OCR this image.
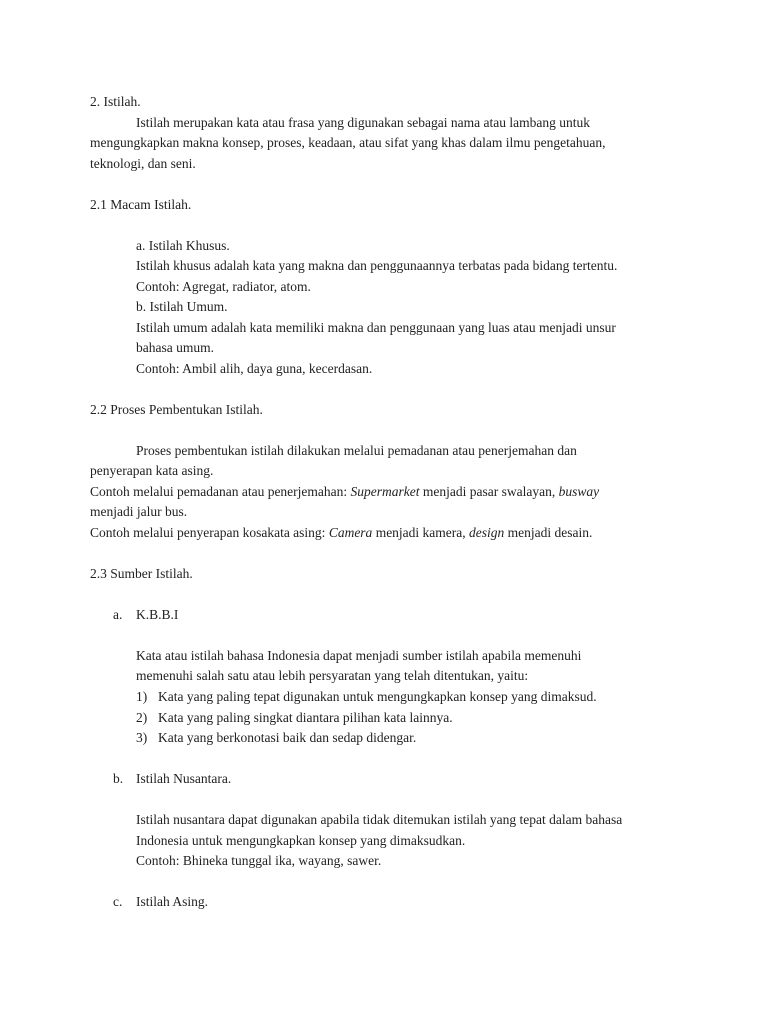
2. Istilah.
Istilah merupakan kata atau frasa yang digunakan sebagai nama atau lambang untuk
mengungkapkan makna konsep, proses, keadaan, atau sifat yang khas dalam ilmu pengetahuan,
teknologi, dan seni.
2.1 Macam Istilah.
a. Istilah Khusus.
Istilah khusus adalah kata yang makna dan penggunaannya terbatas pada bidang tertentu.
Contoh: Agregat, radiator, atom.
b. Istilah Umum.
Istilah umum adalah kata memiliki makna dan penggunaan yang luas atau menjadi unsur
bahasa umum.
Contoh: Ambil alih, daya guna, kecerdasan.
2.2 Proses Pembentukan Istilah.
Proses pembentukan istilah dilakukan melalui pemadanan atau penerjemahan dan
penyerapan kata asing.
Contoh melalui pemadanan atau penerjemahan: Supermarket menjadi pasar swalayan, busway
menjadi jalur bus.
Contoh melalui penyerapan kosakata asing: Camera menjadi kamera, design menjadi desain.
2.3 Sumber Istilah.
a. K.B.B.I
Kata atau istilah bahasa Indonesia dapat menjadi sumber istilah apabila memenuhi
memenuhi salah satu atau lebih persyaratan yang telah ditentukan, yaitu:
1) Kata yang paling tepat digunakan untuk mengungkapkan konsep yang dimaksud.
2) Kata yang paling singkat diantara pilihan kata lainnya.
3) Kata yang berkonotasi baik dan sedap didengar.
b. Istilah Nusantara.
Istilah nusantara dapat digunakan apabila tidak ditemukan istilah yang tepat dalam bahasa
Indonesia untuk mengungkapkan konsep yang dimaksudkan.
Contoh: Bhineka tunggal ika, wayang, sawer.
c. Istilah Asing.
